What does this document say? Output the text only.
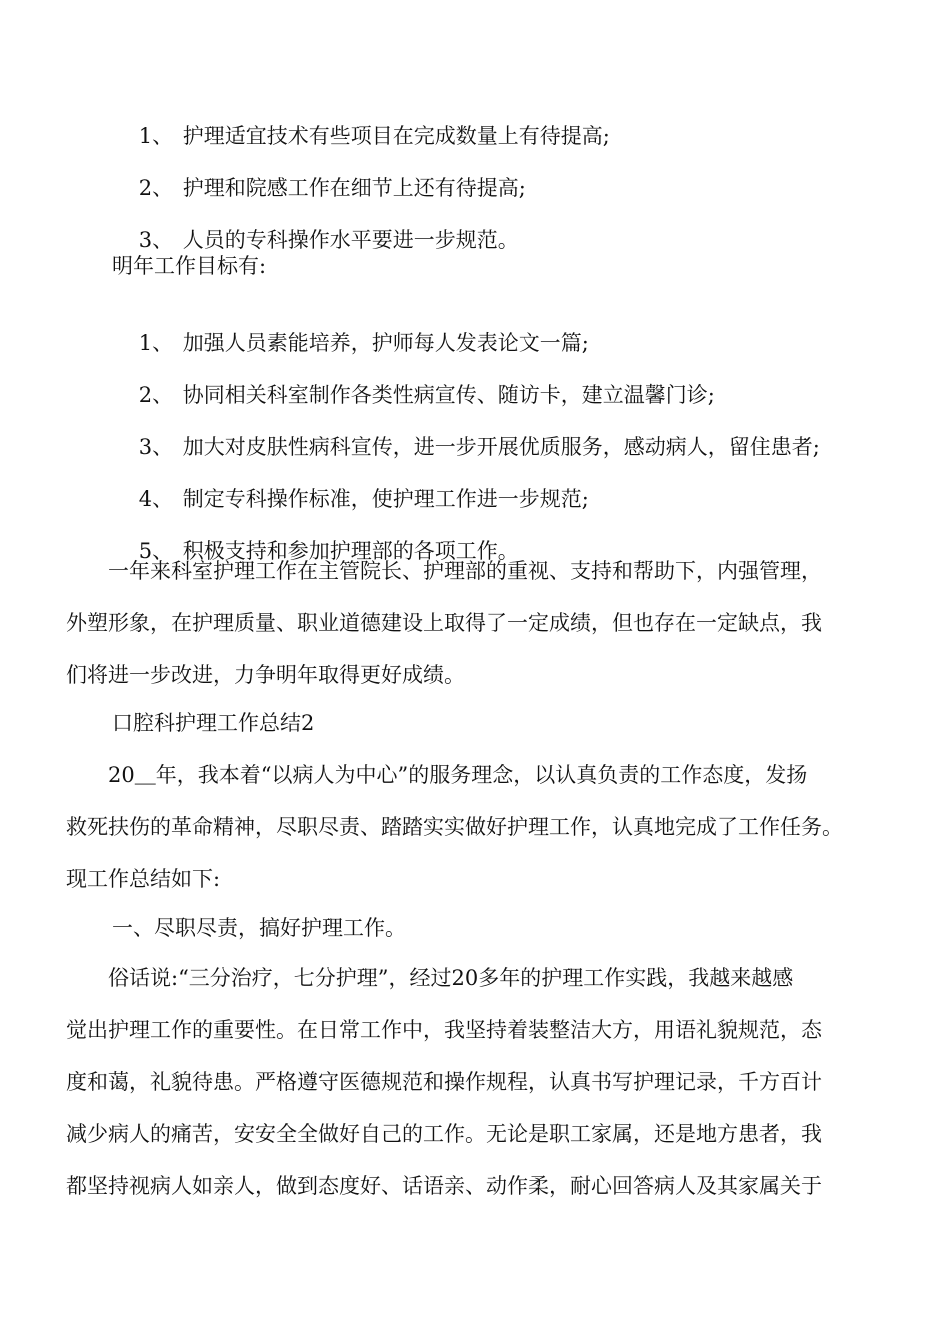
1、 护理适宜技术有些项目在完成数量上有待提高;

2、 护理和院感工作在细节上还有待提高;

3、 人员的专科操作水平要进一步规范。

明年工作目标有:

1、 加强人员素能培养，护师每人发表论文一篇;

2、 协同相关科室制作各类性病宣传、随访卡，建立温馨门诊;

3、 加大对皮肤性病科宣传，进一步开展优质服务，感动病人，留住患者;

4、 制定专科操作标准，使护理工作进一步规范;

5、 积极支持和参加护理部的各项工作。

　　一年来科室护理工作在主管院长、护理部的重视、支持和帮助下，内强管理，
外塑形象，在护理质量、职业道德建设上取得了一定成绩，但也存在一定缺点，我
们将进一步改进，力争明年取得更好成绩。
口腔科护理工作总结2
　　20＿年，我本着“以病人为中心”的服务理念，以认真负责的工作态度，发扬
救死扶伤的革命精神，尽职尽责、踏踏实实做好护理工作，认真地完成了工作任务。
现工作总结如下:
一、尽职尽责，搞好护理工作。
　　俗话说:“三分治疗，七分护理”，经过20多年的护理工作实践，我越来越感
觉出护理工作的重要性。在日常工作中，我坚持着装整洁大方，用语礼貌规范，态
度和蔼，礼貌待患。严格遵守医德规范和操作规程，认真书写护理记录，千方百计
减少病人的痛苦，安安全全做好自己的工作。无论是职工家属，还是地方患者，我
都坚持视病人如亲人，做到态度好、话语亲、动作柔，耐心回答病人及其家属关于
